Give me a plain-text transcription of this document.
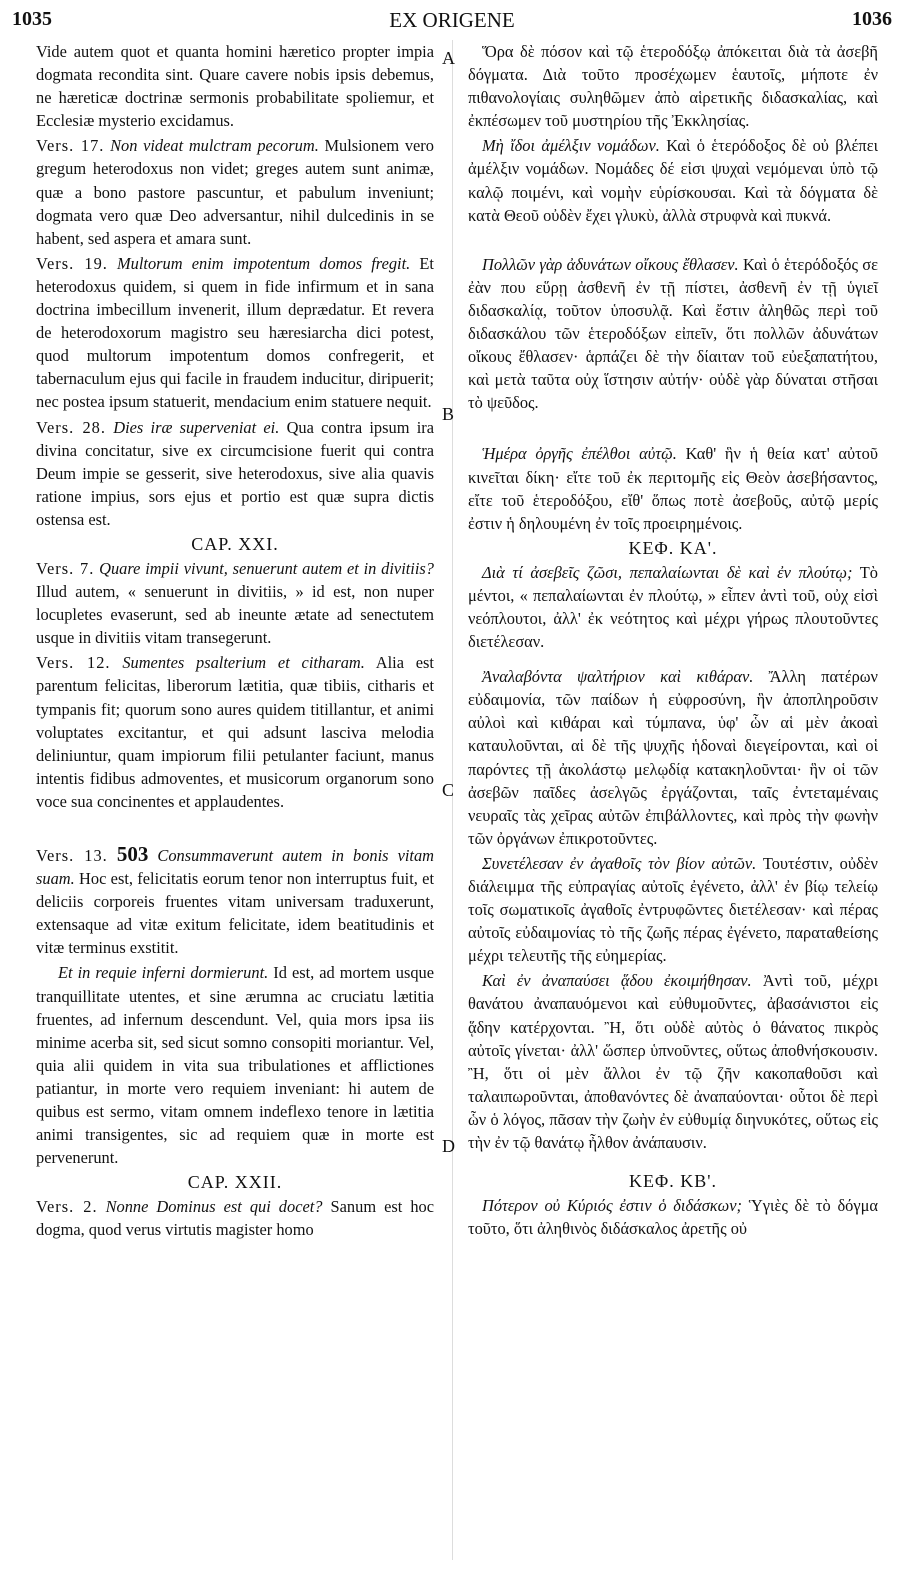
1035	EX ORIGENE	1036
A
B
C
D

Vide autem quot et quanta homini hæretico propter impia dogmata recondita sint. Quare cavere nobis ipsis debemus, ne hæreticæ doctrinæ sermonis probabilitate spoliemur, et Ecclesiæ mysterio excidamus.

Vers. 17. Non videat mulctram pecorum. Mulsionem vero gregum heterodoxus non videt; greges autem sunt animæ, quæ a bono pastore pascuntur, et pabulum inveniunt; dogmata vero quæ Deo adversantur, nihil dulcedinis in se habent, sed aspera et amara sunt.

Vers. 19. Multorum enim impotentum domos fregit. Et heterodoxus quidem, si quem in fide infirmum et in sana doctrina imbecillum invenerit, illum deprædatur. Et revera de heterodoxorum magistro seu hæresiarcha dici potest, quod multorum impotentum domos confregerit, et tabernaculum ejus qui facile in fraudem inducitur, diripuerit; nec postea ipsum statuerit, mendacium enim statuere nequit.

Vers. 28. Dies iræ superveniat ei. Qua contra ipsum ira divina concitatur, sive ex circumcisione fuerit qui contra Deum impie se gesserit, sive heterodoxus, sive alia quavis ratione impius, sors ejus et portio est quæ supra dictis ostensa est.

CAP. XXI.

Vers. 7. Quare impii vivunt, senuerunt autem et in divitiis? Illud autem, « senuerunt in divitiis, » id est, non nuper locupletes evaserunt, sed ab ineunte ætate ad senectutem usque in divitiis vitam transegerunt.

Vers. 12. Sumentes psalterium et citharam. Alia est parentum felicitas, liberorum lætitia, quæ tibiis, citharis et tympanis fit; quorum sono aures quidem titillantur, et animi voluptates excitantur, et qui adsunt lasciva melodia deliniuntur, quam impiorum filii petulanter faciunt, manus intentis fidibus admoventes, et musicorum organorum sono voce sua concinentes et applaudentes.

Vers. 13. 503 Consummaverunt autem in bonis vitam suam. Hoc est, felicitatis eorum tenor non interruptus fuit, et deliciis corporeis fruentes vitam universam traduxerunt, extensaque ad vitæ exitum felicitate, idem beatitudinis et vitæ terminus exstitit.

Et in requie inferni dormierunt. Id est, ad mortem usque tranquillitate utentes, et sine ærumna ac cruciatu lætitia fruentes, ad infernum descendunt. Vel, quia mors ipsa iis minime acerba sit, sed sicut somno consopiti moriantur. Vel, quia alii quidem in vita sua tribulationes et afflictiones patiantur, in morte vero requiem inveniant: hi autem de quibus est sermo, vitam omnem indeflexo tenore in lætitia animi transigentes, sic ad requiem quæ in morte est pervenerunt.

CAP. XXII.

Vers. 2. Nonne Dominus est qui docet? Sanum est hoc dogma, quod verus virtutis magister homo

Ὅρα δὲ πόσον καὶ τῷ ἑτεροδόξῳ ἀπόκειται διὰ τὰ ἀσεβῆ δόγματα. Διὰ τοῦτο προσέχωμεν ἑαυτοῖς, μήποτε ἐν πιθανολογίαις συληθῶμεν ἀπὸ αἱρετικῆς διδασκαλίας, καὶ ἐκπέσωμεν τοῦ μυστηρίου τῆς Ἐκκλησίας.

Μὴ ἴδοι ἀμέλξιν νομάδων. Καὶ ὁ ἑτερόδοξος δὲ οὐ βλέπει ἀμέλξιν νομάδων. Νομάδες δέ εἰσι ψυχαὶ νεμόμεναι ὑπὸ τῷ καλῷ ποιμένι, καὶ νομὴν εὑρίσκουσαι. Καὶ τὰ δόγματα δὲ κατὰ Θεοῦ οὐδὲν ἔχει γλυκὺ, ἀλλὰ στρυφνὰ καὶ πυκνά.

Πολλῶν γὰρ ἀδυνάτων οἴκους ἔθλασεν. Καὶ ὁ ἑτερόδοξός σε ἐὰν που εὕρῃ ἀσθενῆ ἐν τῇ πίστει, ἀσθενῆ ἐν τῇ ὑγιεῖ διδασκαλίᾳ, τοῦτον ὑποσυλᾷ. Καὶ ἔστιν ἀληθῶς περὶ τοῦ διδασκάλου τῶν ἑτεροδόξων εἰπεῖν, ὅτι πολλῶν ἀδυνάτων οἴκους ἔθλασεν· ἁρπάζει δὲ τὴν δίαιταν τοῦ εὐεξαπατήτου, καὶ μετὰ ταῦτα οὐχ ἵστησιν αὐτήν· οὐδὲ γὰρ δύναται στῆσαι τὸ ψεῦδος.

Ἡμέρα ὀργῆς ἐπέλθοι αὐτῷ. Καθ' ἣν ἡ θεία κατ' αὐτοῦ κινεῖται δίκη· εἴτε τοῦ ἐκ περιτομῆς εἰς Θεὸν ἀσεβήσαντος, εἴτε τοῦ ἑτεροδόξου, εἴθ' ὅπως ποτὲ ἀσεβοῦς, αὐτῷ μερίς ἐστιν ἡ δηλουμένη ἐν τοῖς προειρημένοις.

ΚΕΦ. ΚΑ'.

Διὰ τί ἀσεβεῖς ζῶσι, πεπαλαίωνται δὲ καὶ ἐν πλούτῳ; Τὸ μέντοι, « πεπαλαίωνται ἐν πλούτῳ, » εἶπεν ἀντὶ τοῦ, οὐχ εἰσὶ νεόπλουτοι, ἀλλ' ἐκ νεότητος καὶ μέχρι γήρως πλουτοῦντες διετέλεσαν.

Ἀναλαβόντα ψαλτήριον καὶ κιθάραν. Ἄλλη πατέρων εὐδαιμονία, τῶν παίδων ἡ εὐφροσύνη, ἣν ἀποπληροῦσιν αὐλοὶ καὶ κιθάραι καὶ τύμπανα, ὑφ' ὧν αἱ μὲν ἀκοαὶ καταυλοῦνται, αἱ δὲ τῆς ψυχῆς ἡδοναὶ διεγείρονται, καὶ οἱ παρόντες τῇ ἀκολάστῳ μελῳδίᾳ κατακηλοῦνται· ἣν οἱ τῶν ἀσεβῶν παῖδες ἀσελγῶς ἐργάζονται, ταῖς ἐντεταμέναις νευραῖς τὰς χεῖρας αὐτῶν ἐπιβάλλοντες, καὶ πρὸς τὴν φωνὴν τῶν ὀργάνων ἐπικροτοῦντες.

Συνετέλεσαν ἐν ἀγαθοῖς τὸν βίον αὐτῶν. Τουτέστιν, οὐδὲν διάλειμμα τῆς εὐπραγίας αὐτοῖς ἐγένετο, ἀλλ' ἐν βίῳ τελείῳ τοῖς σωματικοῖς ἀγαθοῖς ἐντρυφῶντες διετέλεσαν· καὶ πέρας αὐτοῖς εὐδαιμονίας τὸ τῆς ζωῆς πέρας ἐγένετο, παραταθείσης μέχρι τελευτῆς τῆς εὐημερίας.

Καὶ ἐν ἀναπαύσει ᾅδου ἐκοιμήθησαν. Ἀντὶ τοῦ, μέχρι θανάτου ἀναπαυόμενοι καὶ εὐθυμοῦντες, ἀβασάνιστοι εἰς ᾅδην κατέρχονται. Ἢ, ὅτι οὐδὲ αὐτὸς ὁ θάνατος πικρὸς αὐτοῖς γίνεται· ἀλλ' ὥσπερ ὑπνοῦντες, οὕτως ἀποθνήσκουσιν. Ἢ, ὅτι οἱ μὲν ἄλλοι ἐν τῷ ζῆν κακοπαθοῦσι καὶ ταλαιπωροῦνται, ἀποθανόντες δὲ ἀναπαύονται· οὗτοι δὲ περὶ ὧν ὁ λόγος, πᾶσαν τὴν ζωὴν ἐν εὐθυμίᾳ διηνυκότες, οὕτως εἰς τὴν ἐν τῷ θανάτῳ ἦλθον ἀνάπαυσιν.

ΚΕΦ. ΚΒ'.

Πότερον οὐ Κύριός ἐστιν ὁ διδάσκων; Ὑγιὲς δὲ τὸ δόγμα τοῦτο, ὅτι ἀληθινὸς διδάσκαλος ἀρετῆς οὐ
